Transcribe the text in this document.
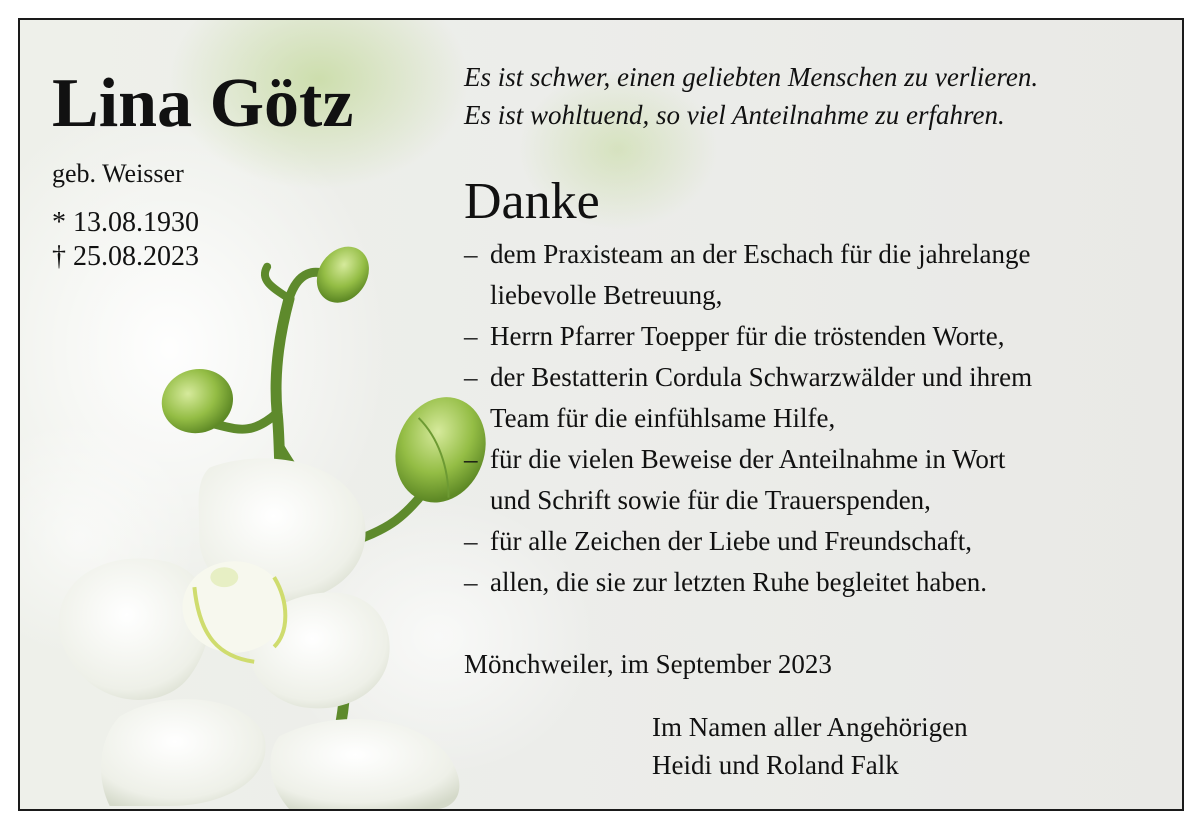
Lina Götz
geb. Weisser
* 13.08.1930
† 25.08.2023
Es ist schwer, einen geliebten Menschen zu verlieren.
Es ist wohltuend, so viel Anteilnahme zu erfahren.
Danke
– dem Praxisteam an der Eschach für die jahrelange
liebevolle Betreuung,
– Herrn Pfarrer Toepper für die tröstenden Worte,
– der Bestatterin Cordula Schwarzwälder und ihrem
Team für die einfühlsame Hilfe,
– für die vielen Beweise der Anteilnahme in Wort
und Schrift sowie für die Trauerspenden,
– für alle Zeichen der Liebe und Freundschaft,
– allen, die sie zur letzten Ruhe begleitet haben.
Mönchweiler, im September 2023
Im Namen aller Angehörigen
Heidi und Roland Falk
